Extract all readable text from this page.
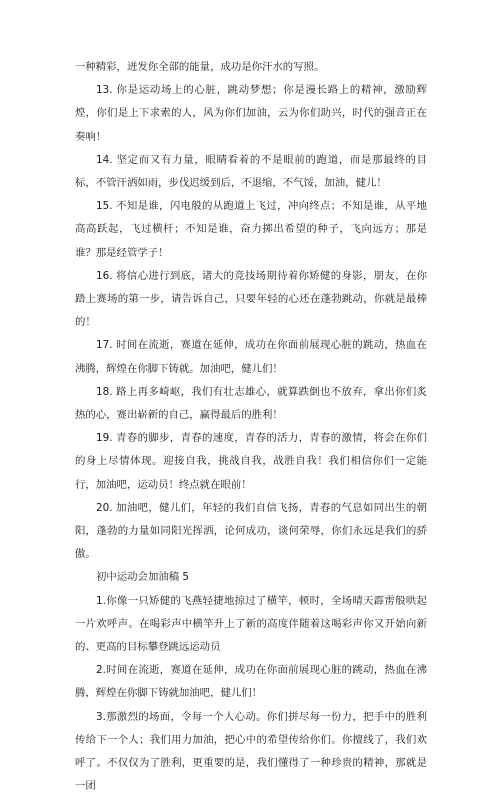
一种精彩，迸发你全部的能量，成功是你汗水的写照。

13. 你是运动场上的心脏，跳动梦想；你是漫长路上的精神，激励辉煌，你们是上下求索的人，风为你们加油，云为你们助兴，时代的强音正在奏响！

14. 坚定而又有力量，眼睛看着的不是眼前的跑道，而是那最终的目标，不管汗洒如雨，步伐迟缓到后，不退缩，不气馁，加油，健儿！

15. 不知是谁，闪电般的从跑道上飞过，冲向终点；不知是谁，从平地高高跃起，飞过横杆；不知是谁，奋力掷出希望的种子，飞向远方；那是谁？那是经管学子！

16. 将信心进行到底，诸大的竞技场期待着你矫健的身影，朋友，在你踏上赛场的第一步，请告诉自己，只要年轻的心还在蓬勃跳动，你就是最棒的！

17. 时间在流逝，赛道在延伸，成功在你面前展现心脏的跳动，热血在沸腾，辉煌在你脚下铸就。加油吧，健儿们！

18. 路上再多崎岖，我们有壮志雄心，就算跌倒也不放弃，拿出你们炙热的心，赛出崭新的自己，赢得最后的胜利！

19. 青春的脚步，青春的速度，青春的活力，青春的激情，将会在你们的身上尽情体现。迎接自我，挑战自我，战胜自我！我们相信你们一定能行，加油吧，运动员！终点就在眼前！

20. 加油吧，健儿们，年轻的我们自信飞扬，青春的气息如同出生的朝阳，蓬勃的力量如同阳光挥洒，论何成功，谈何荣辱，你们永远是我们的骄傲。

初中运动会加油稿 5

1.你像一只矫健的飞燕轻捷地掠过了横竿，顿时，全场晴天霹雳般哄起一片欢呼声。在喝彩声中横竿升上了新的高度伴随着这喝彩声你又开始向新的、更高的目标攀登跳远运动员

2.时间在流逝，赛道在延伸，成功在你面前展现心脏的跳动，热血在沸腾，辉煌在你脚下铸就加油吧，健儿们！

3.那激烈的场面，令每一个人心动。你们拼尽每一份力，把手中的胜利传给下一个人；我们用力加油，把心中的希望传给你们。你擅线了，我们欢呼了。不仅仅为了胜利，更重要的是，我们懂得了一种珍贵的精神，那就是一团
